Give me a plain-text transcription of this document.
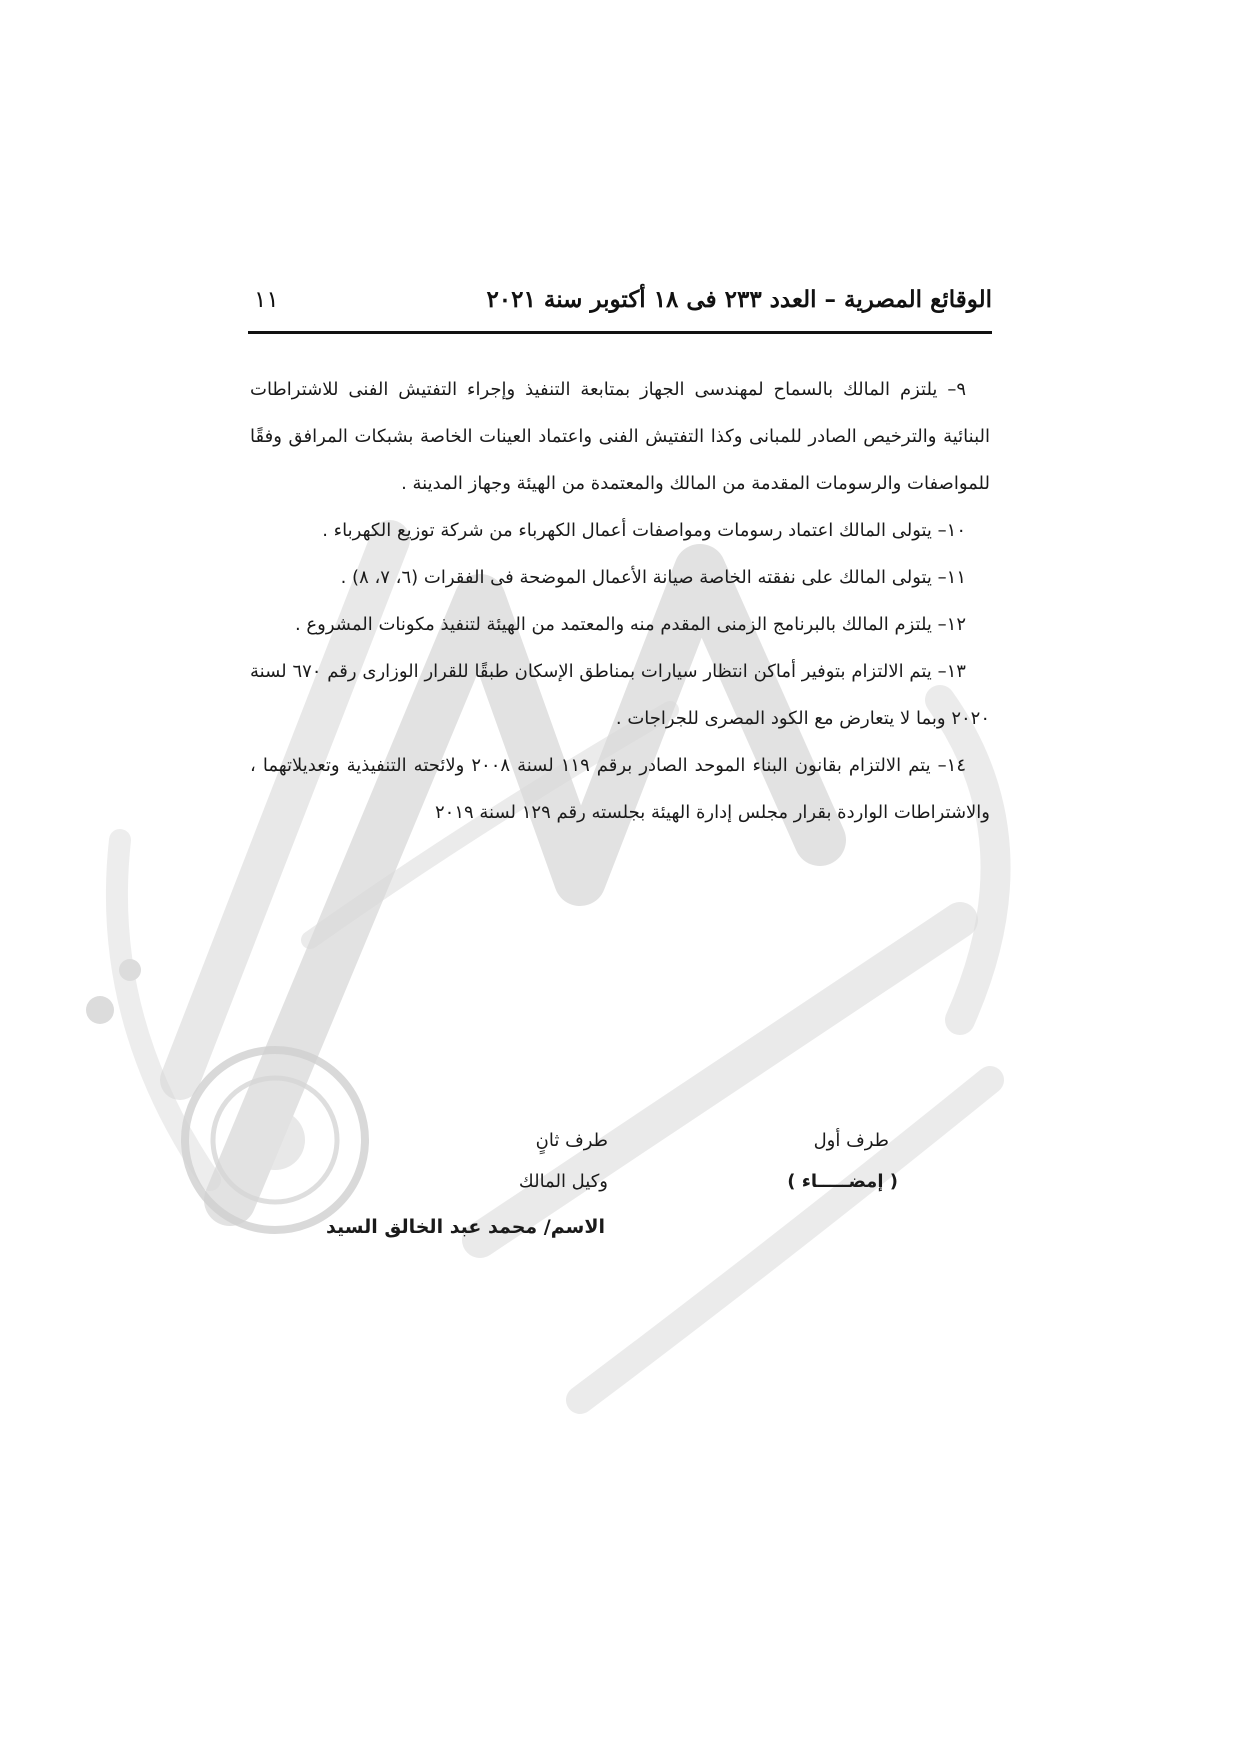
الوقائع المصرية – العدد ٢٣٣ فى ١٨ أكتوبر سنة ٢٠٢١
١١

٩– يلتزم المالك بالسماح لمهندسى الجهاز بمتابعة التنفيذ وإجراء التفتيش الفنى للاشتراطات البنائية والترخيص الصادر للمبانى وكذا التفتيش الفنى واعتماد العينات الخاصة بشبكات المرافق وفقًا للمواصفات والرسومات المقدمة من المالك والمعتمدة من الهيئة وجهاز المدينة .

١٠– يتولى المالك اعتماد رسومات ومواصفات أعمال الكهرباء من شركة توزيع الكهرباء .

١١– يتولى المالك على نفقته الخاصة صيانة الأعمال الموضحة فى الفقرات (٦، ٧، ٨) .

١٢– يلتزم المالك بالبرنامج الزمنى المقدم منه والمعتمد من الهيئة لتنفيذ مكونات المشروع .

١٣– يتم الالتزام بتوفير أماكن انتظار سيارات بمناطق الإسكان طبقًا للقرار الوزارى رقم ٦٧٠ لسنة ٢٠٢٠ وبما لا يتعارض مع الكود المصرى للجراجات .

١٤– يتم الالتزام بقانون البناء الموحد الصادر برقم ١١٩ لسنة ٢٠٠٨ ولائحته التنفيذية وتعديلاتهما ، والاشتراطات الواردة بقرار مجلس إدارة الهيئة بجلسته رقم ١٢٩ لسنة ٢٠١٩

طرف أول
( إمضـــــاء )
طرف ثانٍ
وكيل المالك
الاسم/ محمد عبد الخالق السيد
